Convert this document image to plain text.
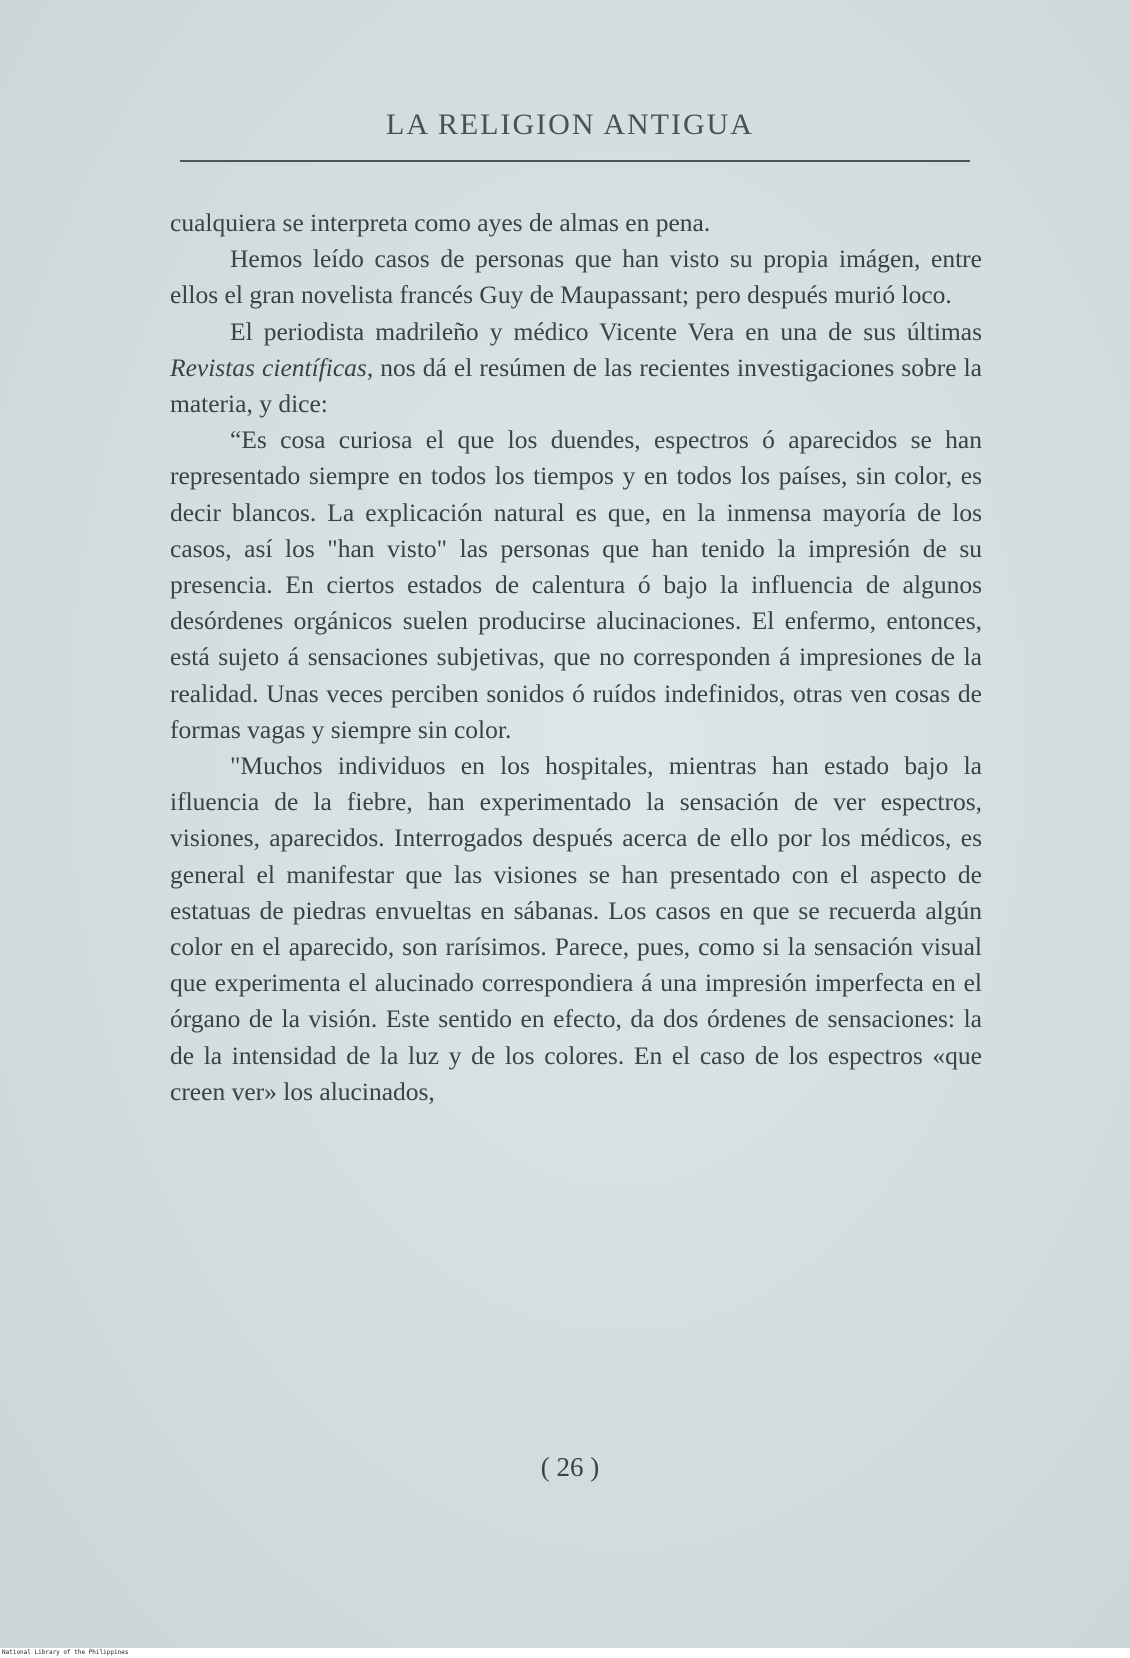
LA RELIGION ANTIGUA

cualquiera se interpreta como ayes de almas en pena.

Hemos leído casos de personas que han visto su propia imágen, entre ellos el gran novelista francés Guy de Maupassant; pero después murió loco.

El periodista madrileño y médico Vicente Vera en una de sus últimas Revistas científicas, nos dá el resúmen de las recientes investigaciones sobre la materia, y dice:

“Es cosa curiosa el que los duendes, espectros ó aparecidos se han representado siempre en todos los tiempos y en todos los países, sin color, es decir blancos. La explicación natural es que, en la inmensa mayoría de los casos, así los "han visto" las personas que han tenido la impresión de su presencia. En ciertos estados de calentura ó bajo la influencia de algunos desórdenes orgánicos suelen producirse alucinaciones. El enfermo, entonces, está sujeto á sensaciones subjetivas, que no corresponden á impresiones de la realidad. Unas veces perciben sonidos ó ruídos indefinidos, otras ven cosas de formas vagas y siempre sin color.

"Muchos individuos en los hospitales, mientras han estado bajo la ifluencia de la fiebre, han experimentado la sensación de ver espectros, visiones, aparecidos. Interrogados después acerca de ello por los médicos, es general el manifestar que las visiones se han presentado con el aspecto de estatuas de piedras envueltas en sábanas. Los casos en que se recuerda algún color en el aparecido, son rarísimos. Parece, pues, como si la sensación visual que experimenta el alucinado correspondiera á una impresión imperfecta en el órgano de la visión. Este sentido en efecto, da dos órdenes de sensaciones: la de la intensidad de la luz y de los colores. En el caso de los espectros «que creen ver» los alucinados,

( 26 )
National Library of the Philippines
